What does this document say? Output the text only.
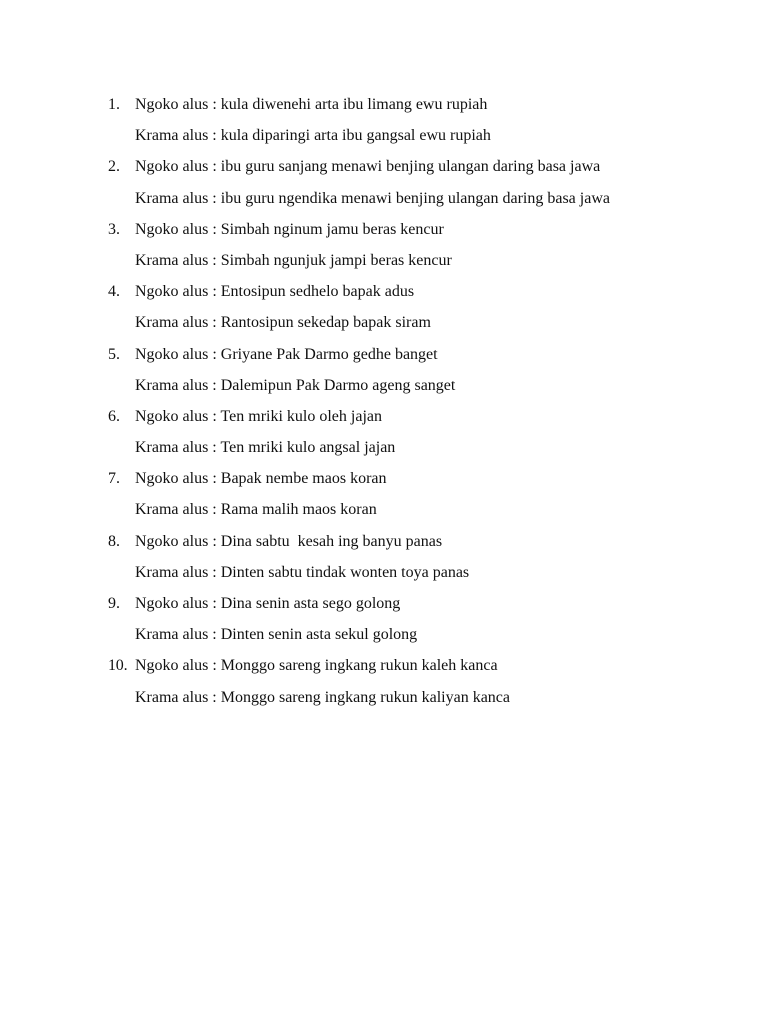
1. Ngoko alus : kula diwenehi arta ibu limang ewu rupiah
Krama alus : kula diparingi arta ibu gangsal ewu rupiah
2. Ngoko alus : ibu guru sanjang menawi benjing ulangan daring basa jawa
Krama alus : ibu guru ngendika menawi benjing ulangan daring basa jawa
3. Ngoko alus : Simbah nginum jamu beras kencur
Krama alus : Simbah ngunjuk jampi beras kencur
4. Ngoko alus : Entosipun sedhelo bapak adus
Krama alus : Rantosipun sekedap bapak siram
5. Ngoko alus : Griyane Pak Darmo gedhe banget
Krama alus : Dalemipun Pak Darmo ageng sanget
6. Ngoko alus : Ten mriki kulo oleh jajan
Krama alus : Ten mriki kulo angsal jajan
7. Ngoko alus : Bapak nembe maos koran
Krama alus : Rama malih maos koran
8. Ngoko alus : Dina sabtu  kesah ing banyu panas
Krama alus : Dinten sabtu tindak wonten toya panas
9. Ngoko alus : Dina senin asta sego golong
Krama alus : Dinten senin asta sekul golong
10. Ngoko alus : Monggo sareng ingkang rukun kaleh kanca
Krama alus : Monggo sareng ingkang rukun kaliyan kanca
